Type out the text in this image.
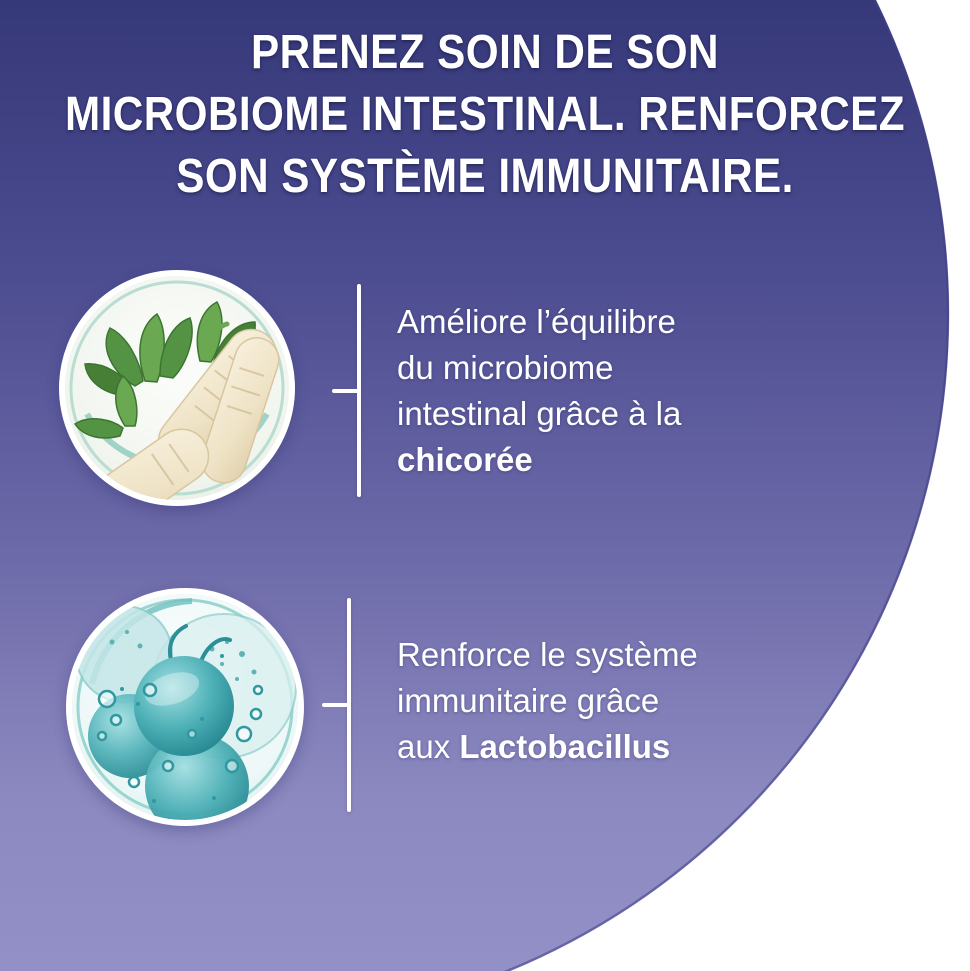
PRENEZ SOIN DE SON
MICROBIOME INTESTINAL. RENFORCEZ
SON SYSTÈME IMMUNITAIRE.
Améliore l’équilibre
du microbiome
intestinal grâce à la
chicorée
Renforce le système
immunitaire grâce
aux Lactobacillus
